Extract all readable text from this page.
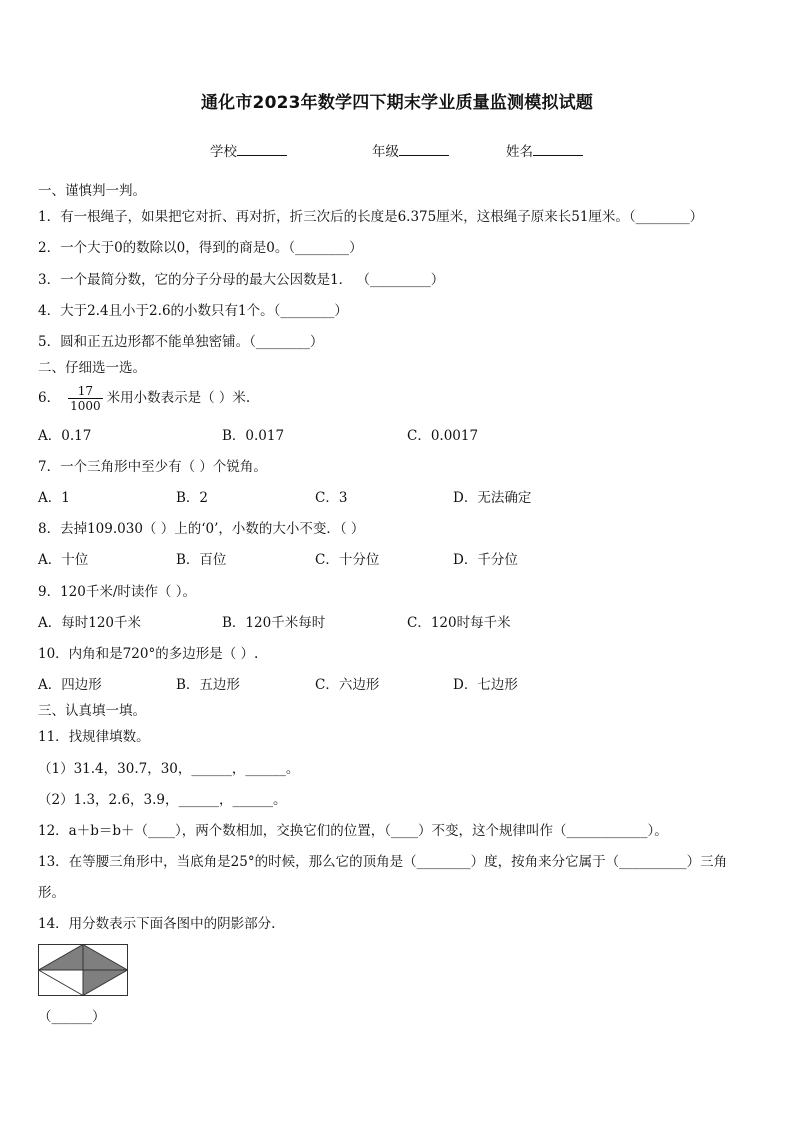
通化市2023年数学四下期末学业质量监测模拟试题
学校	年级	姓名
一、谨慎判一判。
1．有一根绳子，如果把它对折、再对折，折三次后的长度是6.375厘米，这根绳子原来长51厘米。（________）
2．一个大于0的数除以0，得到的商是0。（________）
3．一个最简分数，它的分子分母的最大公因数是1． （_________）
4．大于2.4且小于2.6的小数只有1个。（________）
5．圆和正五边形都不能单独密铺。（________）
二、仔细选一选。
6． $\frac{17}{1000}$ 米用小数表示是（ ）米.
A．0.17	B．0.017	C．0.0017
7．一个三角形中至少有（ ）个锐角。
A．1	B．2	C．3	D．无法确定
8．去掉109.030（ ）上的‘0’，小数的大小不变．（ ）
A．十位	B．百位	C．十分位	D．千分位
9．120千米/时读作（ ）。
A．每时120千米	B．120千米每时	C．120时每千米
10．内角和是720°的多边形是（ ）.
A．四边形	B．五边形	C．六边形	D．七边形
三、认真填一填。
11．找规律填数。
（1）31.4，30.7，30，______，______。
（2）1.3，2.6，3.9，______，______。
12．a＋b＝b＋（____），两个数相加，交换它们的位置，（____）不变，这个规律叫作（____________）。
13．在等腰三角形中，当底角是25°的时候，那么它的顶角是（________）度，按角来分它属于（__________）三角
形。
14．用分数表示下面各图中的阴影部分.
（______）
